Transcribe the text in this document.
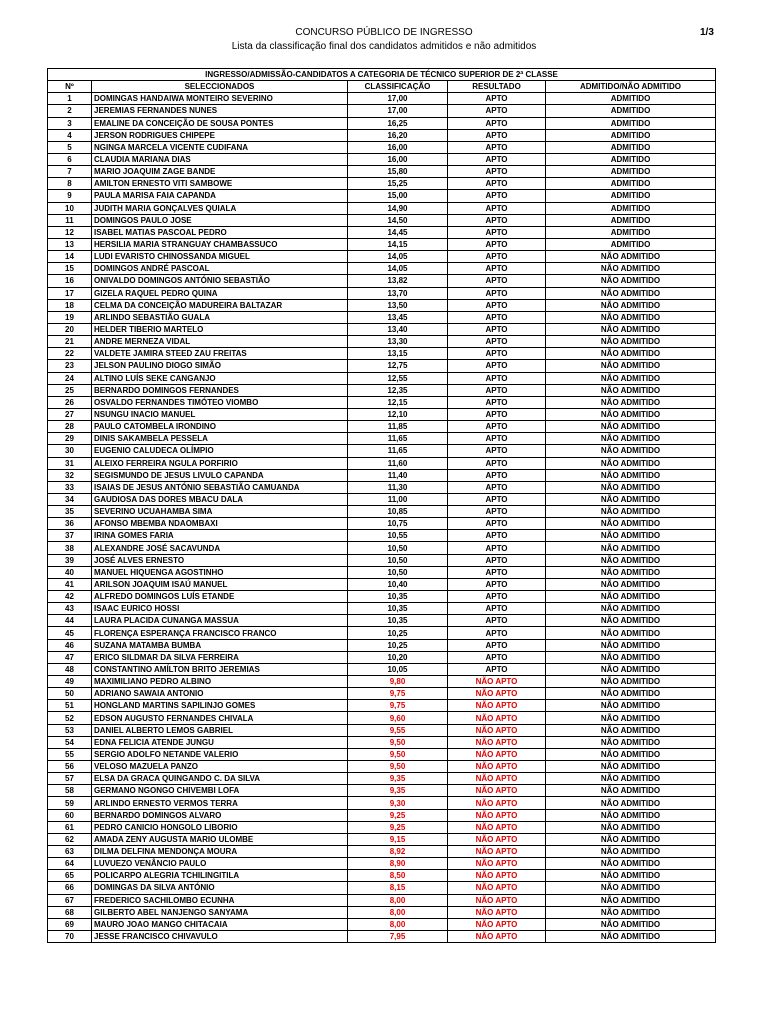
CONCURSO PÚBLICO DE INGRESSO
Lista da classificação final dos candidatos admitidos e não admitidos
1/3
INGRESSO/ADMISSÃO-CANDIDATOS A CATEGORIA DE TÉCNICO SUPERIOR DE 2ª CLASSE				
Nº	SELECCIONADOS	CLASSIFICAÇÃO	RESULTADO	ADMITIDO/NÃO ADMITIDO
1	DOMINGAS HANDAIWA MONTEIRO SEVERINO	17,00	APTO	ADMITIDO
2	JEREMIAS FERNANDES NUNES	17,00	APTO	ADMITIDO
3	EMALINE DA CONCEIÇÃO DE SOUSA PONTES	16,25	APTO	ADMITIDO
4	JERSON RODRIGUES CHIPEPE	16,20	APTO	ADMITIDO
5	NGINGA MARCELA VICENTE CUDIFANA	16,00	APTO	ADMITIDO
6	CLAUDIA MARIANA DIAS	16,00	APTO	ADMITIDO
7	MARIO JOAQUIM ZAGE BANDE	15,80	APTO	ADMITIDO
8	AMILTON ERNESTO VITI SAMBOWE	15,25	APTO	ADMITIDO
9	PAULA MARISA FAIA CAPANDA	15,00	APTO	ADMITIDO
10	JUDITH MARIA GONÇALVES QUIALA	14,90	APTO	ADMITIDO
11	DOMINGOS PAULO JOSE	14,50	APTO	ADMITIDO
12	ISABEL MATIAS PASCOAL PEDRO	14,45	APTO	ADMITIDO
13	HERSILIA MARIA STRANGUAY CHAMBASSUCO	14,15	APTO	ADMITIDO
14	LUDI EVARISTO CHINOSSANDA MIGUEL	14,05	APTO	NÃO ADMITIDO
15	DOMINGOS ANDRÉ PASCOAL	14,05	APTO	NÃO ADMITIDO
16	ONIVALDO DOMINGOS ANTÓNIO SEBASTIÃO	13,82	APTO	NÃO ADMITIDO
17	GIZELA RAQUEL PEDRO QUINA	13,70	APTO	NÃO ADMITIDO
18	CELMA DA CONCEIÇÃO MADUREIRA BALTAZAR	13,50	APTO	NÃO ADMITIDO
19	ARLINDO SEBASTIÃO GUALA	13,45	APTO	NÃO ADMITIDO
20	HELDER TIBERIO MARTELO	13,40	APTO	NÃO ADMITIDO
21	ANDRE MERNEZA VIDAL	13,30	APTO	NÃO ADMITIDO
22	VALDETE JAMIRA STEED ZAU FREITAS	13,15	APTO	NÃO ADMITIDO
23	JELSON PAULINO DIOGO SIMÃO	12,75	APTO	NÃO ADMITIDO
24	ALTINO LUÍS SEKE CANGANJO	12,55	APTO	NÃO ADMITIDO
25	BERNARDO DOMINGOS FERNANDES	12,35	APTO	NÃO ADMITIDO
26	OSVALDO FERNANDES TIMÓTEO VIOMBO	12,15	APTO	NÃO ADMITIDO
27	NSUNGU INACIO MANUEL	12,10	APTO	NÃO ADMITIDO
28	PAULO CATOMBELA IRONDINO	11,85	APTO	NÃO ADMITIDO
29	DINIS SAKAMBELA PESSELA	11,65	APTO	NÃO ADMITIDO
30	EUGENIO CALUDECA OLÍMPIO	11,65	APTO	NÃO ADMITIDO
31	ALEIXO FERREIRA NGULA PORFIRIO	11,60	APTO	NÃO ADMITIDO
32	SEGISMUNDO DE JESUS LIVULO CAPANDA	11,40	APTO	NÃO ADMITIDO
33	ISAIAS DE JESUS ANTÓNIO SEBASTIÃO CAMUANDA	11,30	APTO	NÃO ADMITIDO
34	GAUDIOSA DAS DORES MBACU DALA	11,00	APTO	NÃO ADMITIDO
35	SEVERINO UCUAHAMBA SIMA	10,85	APTO	NÃO ADMITIDO
36	AFONSO MBEMBA NDAOMBAXI	10,75	APTO	NÃO ADMITIDO
37	IRINA GOMES FARIA	10,55	APTO	NÃO ADMITIDO
38	ALEXANDRE JOSÉ SACAVUNDA	10,50	APTO	NÃO ADMITIDO
39	JOSÉ ALVES ERNESTO	10,50	APTO	NÃO ADMITIDO
40	MANUEL HIQUENGA AGOSTINHO	10,50	APTO	NÃO ADMITIDO
41	ARILSON JOAQUIM ISAÚ MANUEL	10,40	APTO	NÃO ADMITIDO
42	ALFREDO DOMINGOS LUÍS ETANDE	10,35	APTO	NÃO ADMITIDO
43	ISAAC EURICO HOSSI	10,35	APTO	NÃO ADMITIDO
44	LAURA PLACIDA CUNANGA MASSUA	10,35	APTO	NÃO ADMITIDO
45	FLORENÇA ESPERANÇA FRANCISCO FRANCO	10,25	APTO	NÃO ADMITIDO
46	SUZANA MATAMBA BUMBA	10,25	APTO	NÃO ADMITIDO
47	ERICO SILDMAR DA SILVA FERREIRA	10,20	APTO	NÃO ADMITIDO
48	CONSTANTINO AMÍLTON BRITO JEREMIAS	10,05	APTO	NÃO ADMITIDO
49	MAXIMILIANO PEDRO ALBINO	9,80	NÃO APTO	NÃO ADMITIDO
50	ADRIANO SAWAIA ANTONIO	9,75	NÃO APTO	NÃO ADMITIDO
51	HONGLAND MARTINS SAPILINJO GOMES	9,75	NÃO APTO	NÃO ADMITIDO
52	EDSON AUGUSTO FERNANDES CHIVALA	9,60	NÃO APTO	NÃO ADMITIDO
53	DANIEL ALBERTO LEMOS GABRIEL	9,55	NÃO APTO	NÃO ADMITIDO
54	EDNA FELICIA ATENDE JUNGU	9,50	NÃO APTO	NÃO ADMITIDO
55	SERGIO ADOLFO NETANDE VALERIO	9,50	NÃO APTO	NÃO ADMITIDO
56	VELOSO MAZUELA PANZO	9,50	NÃO APTO	NÃO ADMITIDO
57	ELSA DA GRACA QUINGANDO C. DA SILVA	9,35	NÃO APTO	NÃO ADMITIDO
58	GERMANO NGONGO CHIVEMBI LOFA	9,35	NÃO APTO	NÃO ADMITIDO
59	ARLINDO ERNESTO VERMOS TERRA	9,30	NÃO APTO	NÃO ADMITIDO
60	BERNARDO DOMINGOS ALVARO	9,25	NÃO APTO	NÃO ADMITIDO
61	PEDRO CANICIO HONGOLO LIBORIO	9,25	NÃO APTO	NÃO ADMITIDO
62	AMADA ZENY AUGUSTA MARIO ULOMBE	9,15	NÃO APTO	NÃO ADMITIDO
63	DILMA DELFINA MENDONÇA MOURA	8,92	NÃO APTO	NÃO ADMITIDO
64	LUVUEZO VENÂNCIO PAULO	8,90	NÃO APTO	NÃO ADMITIDO
65	POLICARPO ALEGRIA TCHILINGITILA	8,50	NÃO APTO	NÃO ADMITIDO
66	DOMINGAS DA SILVA ANTÓNIO	8,15	NÃO APTO	NÃO ADMITIDO
67	FREDERICO SACHILOMBO ECUNHA	8,00	NÃO APTO	NÃO ADMITIDO
68	GILBERTO ABEL NANJENGO SANYAMA	8,00	NÃO APTO	NÃO ADMITIDO
69	MAURO JOAO MANGO CHITACAIA	8,00	NÃO APTO	NÃO ADMITIDO
70	JESSE FRANCISCO CHIVAVULO	7,95	NÃO APTO	NÃO ADMITIDO
